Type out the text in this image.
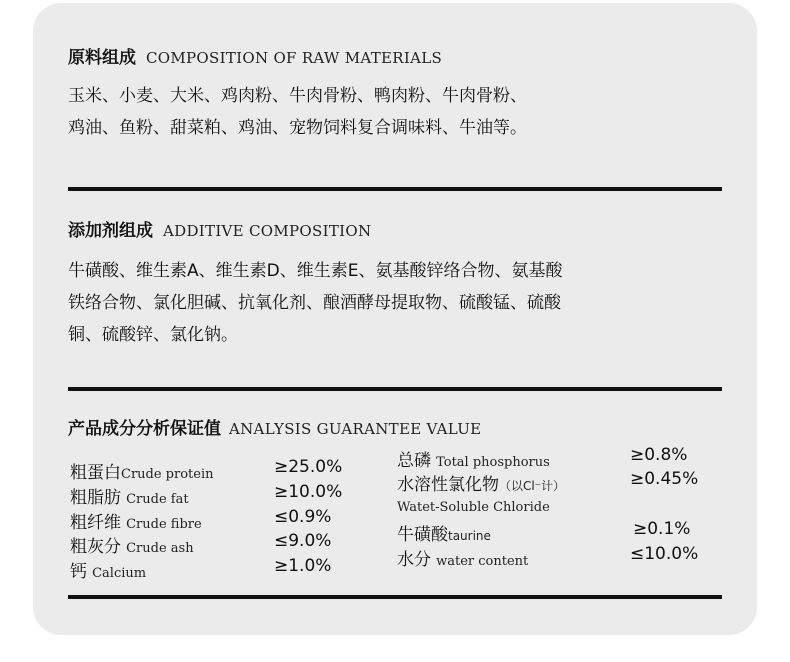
原料组成 COMPOSITION OF RAW MATERIALS
玉米、小麦、大米、鸡肉粉、牛肉骨粉、鸭肉粉、牛肉骨粉、
鸡油、鱼粉、甜菜粕、鸡油、宠物饲料复合调味料、牛油等。
添加剂组成 ADDITIVE COMPOSITION
牛磺酸、维生素A、维生素D、维生素E、氨基酸锌络合物、氨基酸
铁络合物、氯化胆碱、抗氧化剂、酿酒酵母提取物、硫酸锰、硫酸
铜、硫酸锌、氯化钠。
产品成分分析保证值 ANALYSIS GUARANTEE VALUE
粗蛋白Crude protein	≥25.0%
粗脂肪 Crude fat	≥10.0%
粗纤维 Crude fibre	≤0.9%
粗灰分 Crude ash	≤9.0%
钙 Calcium	≥1.0%
总磷 Total phosphorus	≥0.8%
水溶性氯化物（以Cl⁻计）	≥0.45%
Watet-Soluble Chloride
牛磺酸taurine	≥0.1%
水分 water content	≤10.0%
